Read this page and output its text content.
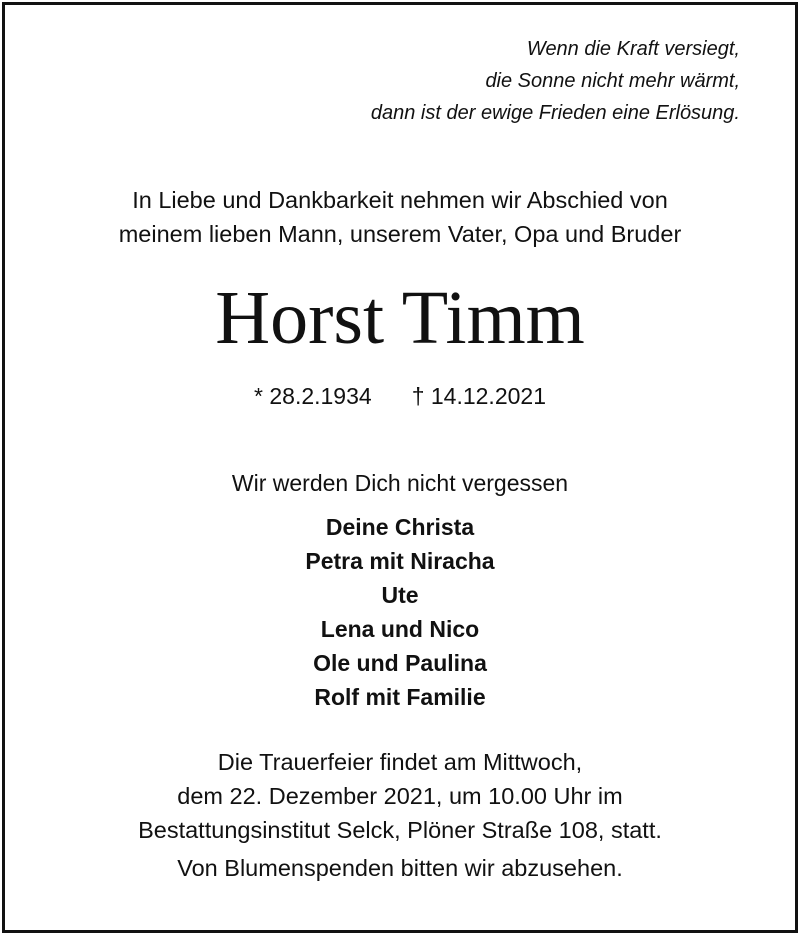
Wenn die Kraft versiegt,
die Sonne nicht mehr wärmt,
dann ist der ewige Frieden eine Erlösung.
In Liebe und Dankbarkeit nehmen wir Abschied von
meinem lieben Mann, unserem Vater, Opa und Bruder
Horst Timm
* 28.2.1934 † 14.12.2021
Wir werden Dich nicht vergessen
Deine Christa
Petra mit Niracha
Ute
Lena und Nico
Ole und Paulina
Rolf mit Familie
Die Trauerfeier findet am Mittwoch,
dem 22. Dezember 2021, um 10.00 Uhr im
Bestattungsinstitut Selck, Plöner Straße 108, statt.
Von Blumenspenden bitten wir abzusehen.
